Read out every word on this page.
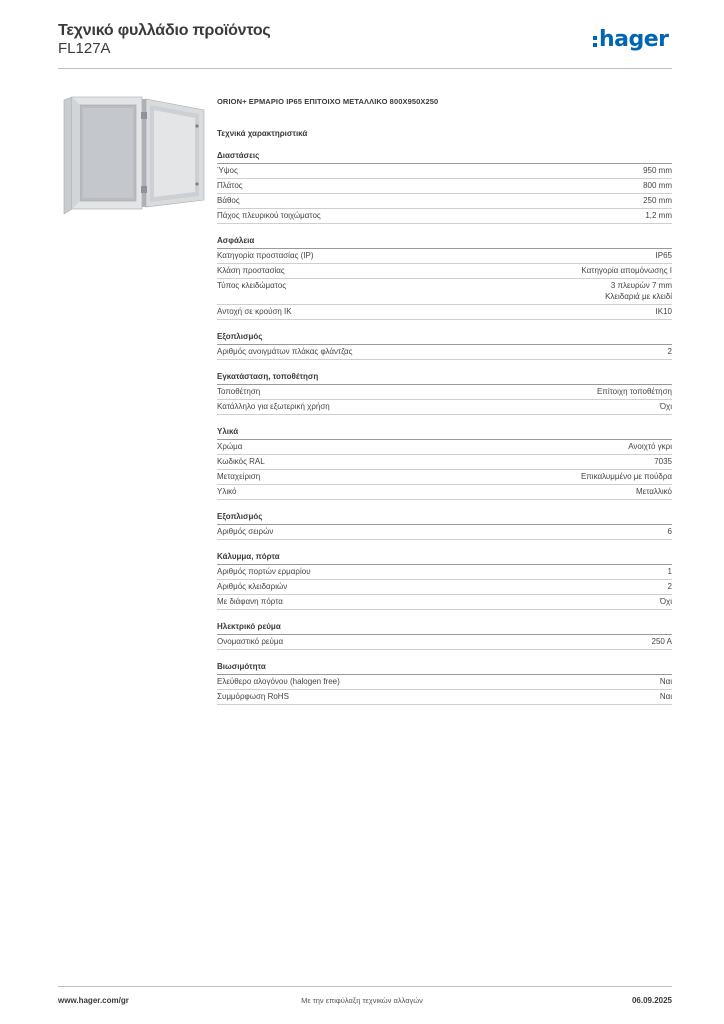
Τεχνικό φυλλάδιο προϊόντος
FL127A	hager
ORION+ ΕΡΜΑΡΙΟ IP65 ΕΠΙΤΟΙΧΟ ΜΕΤΑΛΛΙΚΟ 800X950X250
Τεχνικά χαρακτηριστικά
Διαστάσεις
Ύψος	950 mm
Πλάτος	800 mm
Βάθος	250 mm
Πάχος πλευρικού τοιχώματος	1,2 mm
Ασφάλεια
Κατηγορία προστασίας (IP)	IP65
Κλάση προστασίας	Κατηγορία απομόνωσης I
Τύπος κλειδώματος	3 πλευρών 7 mm
Κλειδαριά με κλειδί
Αντοχή σε κρούση IK	IK10
Εξοπλισμός
Αριθμός ανοιγμάτων πλάκας φλάντζας	2
Εγκατάσταση, τοποθέτηση
Τοποθέτηση	Επίτοιχη τοποθέτηση
Κατάλληλο για εξωτερική χρήση	Όχι
Υλικά
Χρώμα	Ανοιχτό γκρι
Κωδικός RAL	7035
Μεταχείριση	Επικαλυμμένο με πούδρα
Υλικό	Μεταλλικό
Εξοπλισμός
Αριθμός σειρών	6
Κάλυμμα, πόρτα
Αριθμός πορτών ερμαρίου	1
Αριθμός κλειδαριών	2
Με διάφανη πόρτα	Όχι
Ηλεκτρικό ρεύμα
Ονομαστικό ρεύμα	250 A
Βιωσιμότητα
Ελεύθερο αλογόνου (halogen free)	Ναι
Συμμόρφωση RoHS	Ναι
www.hager.com/gr	Με την επιφύλαξη τεχνικών αλλαγών	06.09.2025
